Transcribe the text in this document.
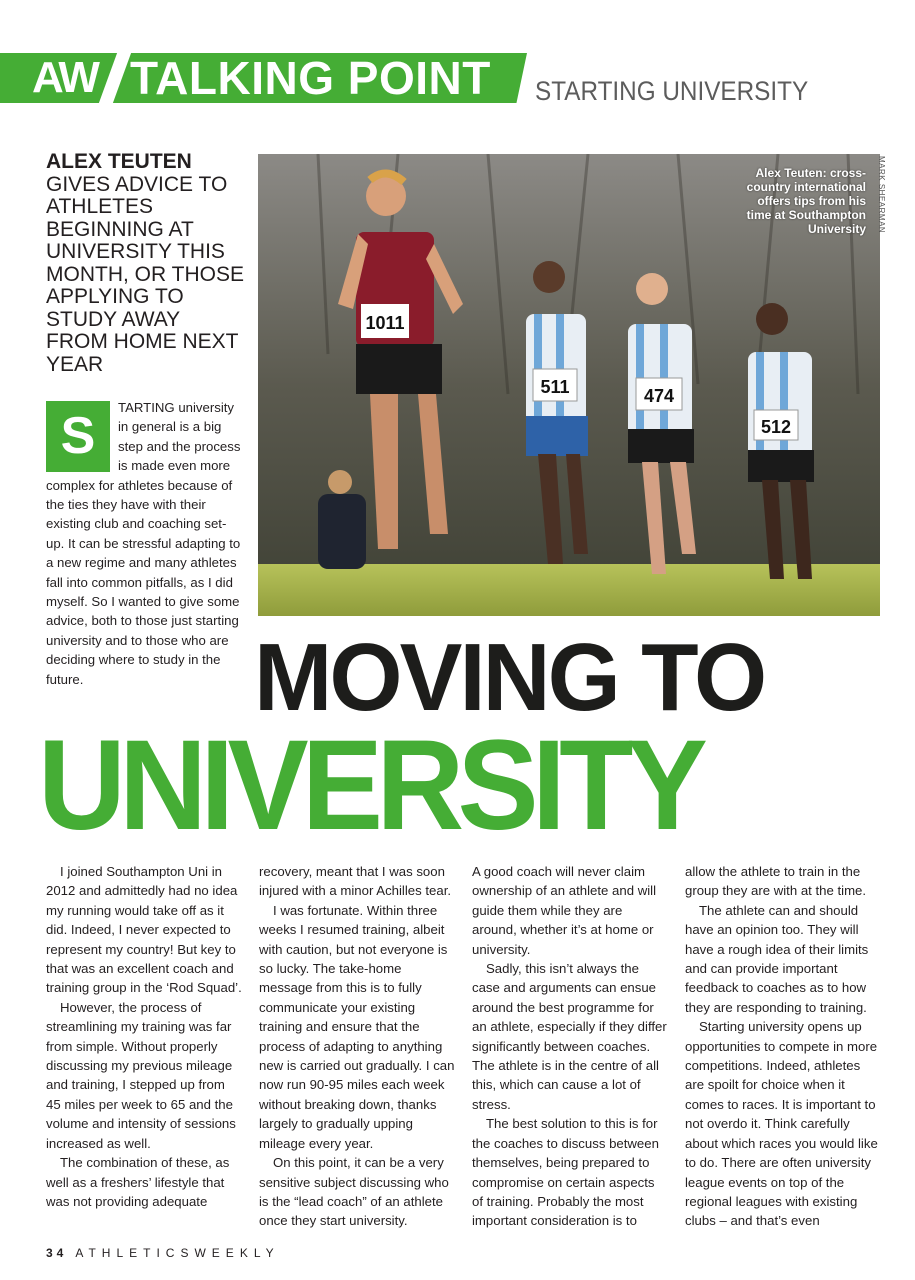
AW TALKING POINT STARTING UNIVERSITY
ALEX TEUTEN GIVES ADVICE TO ATHLETES BEGINNING AT UNIVERSITY THIS MONTH, OR THOSE APPLYING TO STUDY AWAY FROM HOME NEXT YEAR
S	TARTING university in general is a big step and the process is made even more complex for athletes because of the ties they have with their existing club and coaching set-up. It can be stressful adapting to a new regime and many athletes fall into common pitfalls, as I did myself. So I wanted to give some advice, both to those just starting university and to those who are deciding where to study in the future.
1011
511	474
512
Alex Teuten: cross-country international offers tips from his time at Southampton University	MARK SHEARMAN
MOVING TO
UNIVERSITY

I joined Southampton Uni in 2012 and admittedly had no idea my running would take off as it did. Indeed, I never expected to represent my country! But key to that was an excellent coach and training group in the ‘Rod Squad’.

However, the process of streamlining my training was far from simple. Without properly discussing my previous mileage and training, I stepped up from 45 miles per week to 65 and the volume and intensity of sessions increased as well.

The combination of these, as well as a freshers’ lifestyle that was not providing adequate

recovery, meant that I was soon injured with a minor Achilles tear.

I was fortunate. Within three weeks I resumed training, albeit with caution, but not everyone is so lucky. The take-home message from this is to fully communicate your existing training and ensure that the process of adapting to anything new is carried out gradually. I can now run 90-95 miles each week without breaking down, thanks largely to gradually upping mileage every year.

On this point, it can be a very sensitive subject discussing who is the “lead coach” of an athlete once they start university.

A good coach will never claim ownership of an athlete and will guide them while they are around, whether it’s at home or university.

Sadly, this isn’t always the case and arguments can ensue around the best programme for an athlete, especially if they differ significantly between coaches. The athlete is in the centre of all this, which can cause a lot of stress.

The best solution to this is for the coaches to discuss between themselves, being prepared to compromise on certain aspects of training. Probably the most important consideration is to

allow the athlete to train in the group they are with at the time.

The athlete can and should have an opinion too. They will have a rough idea of their limits and can provide important feedback to coaches as to how they are responding to training.

Starting university opens up opportunities to compete in more competitions. Indeed, athletes are spoilt for choice when it comes to races. It is important to not overdo it. Think carefully about which races you would like to do. There are often university league events on top of the regional leagues with existing clubs – and that’s even

34 ATHLETICSWEEKLY
